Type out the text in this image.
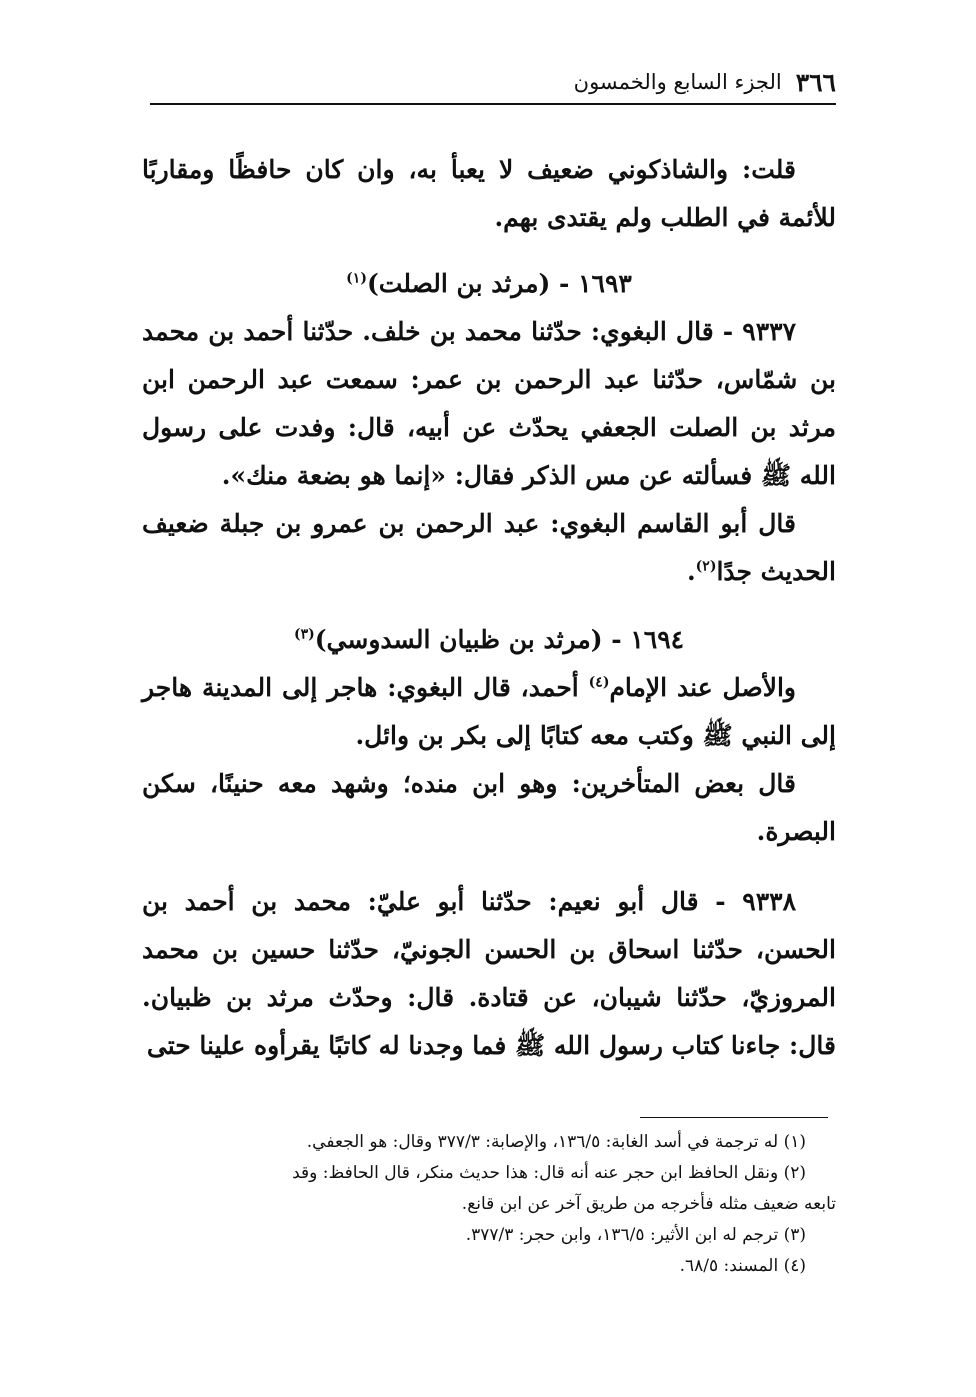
٣٦٦
الجزء السابع والخمسون

قلت: والشاذكوني ضعيف لا يعبأ به، وان كان حافظًا ومقاربًا للأئمة في الطلب ولم يقتدى بهم.

١٦٩٣ - (مرثد بن الصلت)$^{(١)}$

٩٣٣٧ - قال البغوي: حدّثنا محمد بن خلف. حدّثنا أحمد بن محمد بن شمّاس، حدّثنا عبد الرحمن بن عمر: سمعت عبد الرحمن ابن مرثد بن الصلت الجعفي يحدّث عن أبيه، قال: وفدت على رسول الله ﷺ فسألته عن مس الذكر فقال: «إنما هو بضعة منك».

قال أبو القاسم البغوي: عبد الرحمن بن عمرو بن جبلة ضعيف الحديث جدًا$^{(٢)}$.

١٦٩٤ - (مرثد بن ظبيان السدوسي)$^{(٣)}$

والأصل عند الإمام$^{(٤)}$ أحمد، قال البغوي: هاجر إلى المدينة هاجر إلى النبي ﷺ وكتب معه كتابًا إلى بكر بن وائل.

قال بعض المتأخرين: وهو ابن منده؛ وشهد معه حنينًا، سكن البصرة.

٩٣٣٨ - قال أبو نعيم: حدّثنا أبو عليّ: محمد بن أحمد بن الحسن، حدّثنا اسحاق بن الحسن الجونيّ، حدّثنا حسين بن محمد المروزيّ، حدّثنا شيبان، عن قتادة. قال: وحدّث مرثد بن ظبيان. قال: جاءنا كتاب رسول الله ﷺ فما وجدنا له كاتبًا يقرأوه علينا حتى

(١) له ترجمة في أسد الغابة: ١٣٦/٥، والإصابة: ٣٧٧/٣ وقال: هو الجعفي.
(٢) ونقل الحافظ ابن حجر عنه أنه قال: هذا حديث منكر، قال الحافظ: وقد
تابعه ضعيف مثله فأخرجه من طريق آخر عن ابن قانع.
(٣) ترجم له ابن الأثير: ١٣٦/٥، وابن حجر: ٣٧٧/٣.
(٤) المسند: ٦٨/٥.
